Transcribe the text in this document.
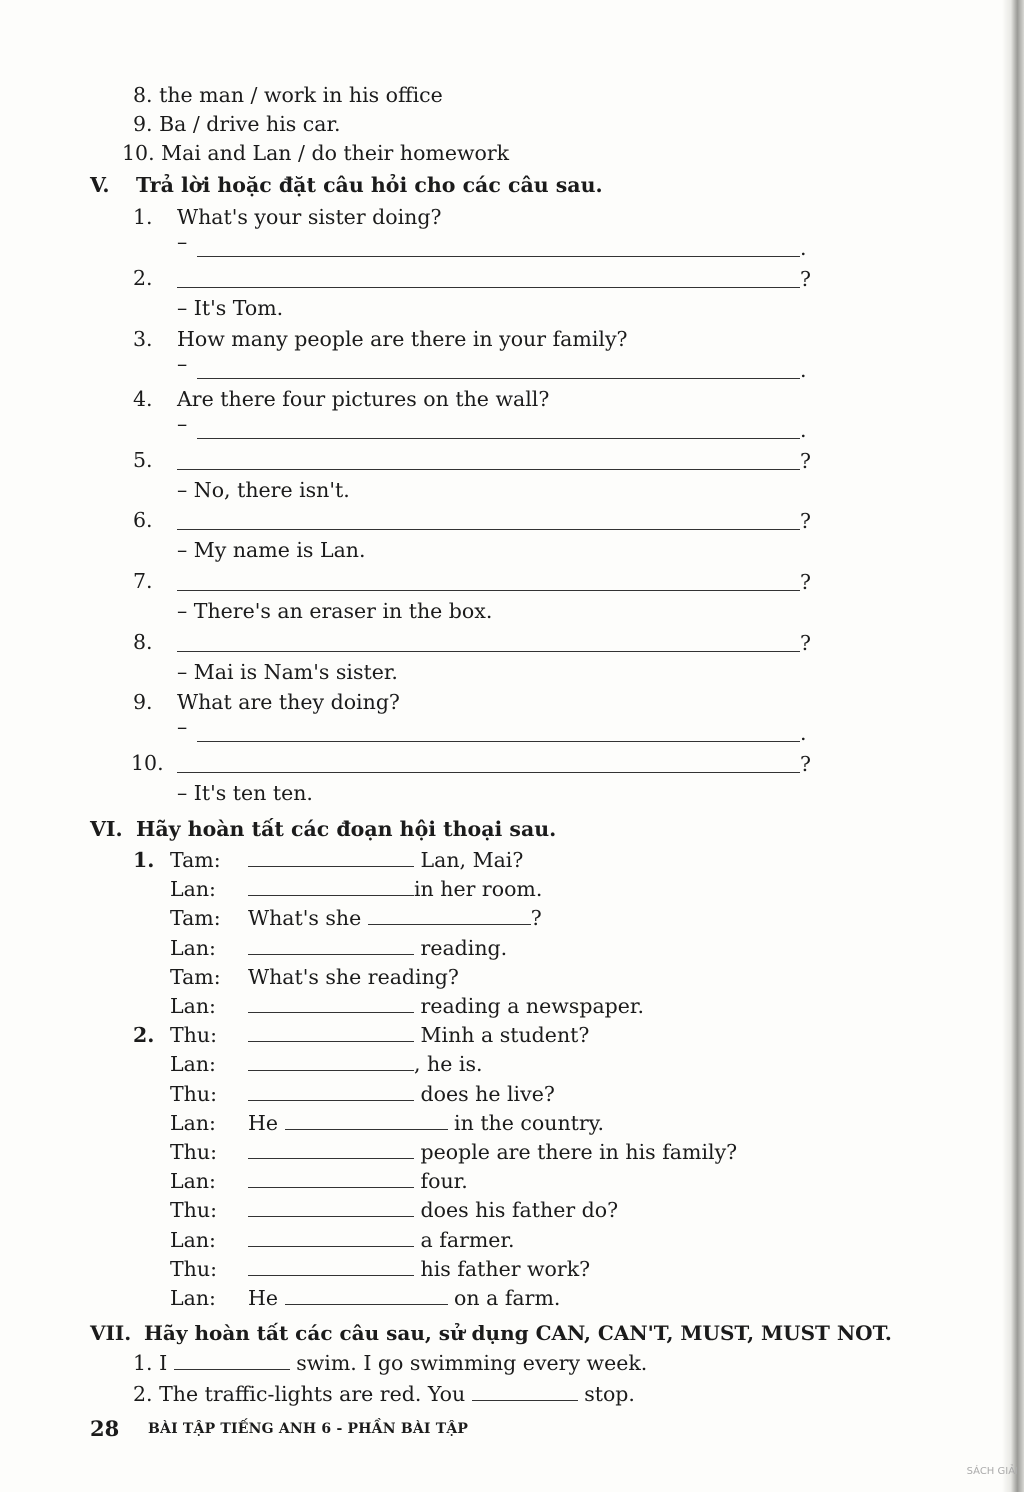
8. the man / work in his office
9. Ba / drive his car.
10. Mai and Lan / do their homework
V. Trả lời hoặc đặt câu hỏi cho các câu sau.
1. What's your sister doing?
–	.
2.	?
– It's Tom.
3. How many people are there in your family?
–	.
4. Are there four pictures on the wall?
–	.
5.	?
– No, there isn't.
6.	?
– My name is Lan.
7.	?
– There's an eraser in the box.
8.	?
– Mai is Nam's sister.
9. What are they doing?
–	.
10.	?
– It's ten ten.
VI. Hãy hoàn tất các đoạn hội thoại sau.
1. Tam:	Lan, Mai?
Lan:	in her room.
Tam: What's she	?
Lan:	reading.
Tam: What's she reading?
Lan:	reading a newspaper.
2. Thu:	Minh a student?
Lan:	, he is.
Thu:	does he live?
Lan: He	in the country.
Thu:	people are there in his family?
Lan:	four.
Thu:	does his father do?
Lan:	a farmer.
Thu:	his father work?
Lan: He	on a farm.
VII. Hãy hoàn tất các câu sau, sử dụng CAN, CAN'T, MUST, MUST NOT.
1. I	swim. I go swimming every week.
2. The traffic-lights are red. You	stop.
28 BÀI TẬP TIẾNG ANH 6 - PHẦN BÀI TẬP
SÁCH GIẢI
